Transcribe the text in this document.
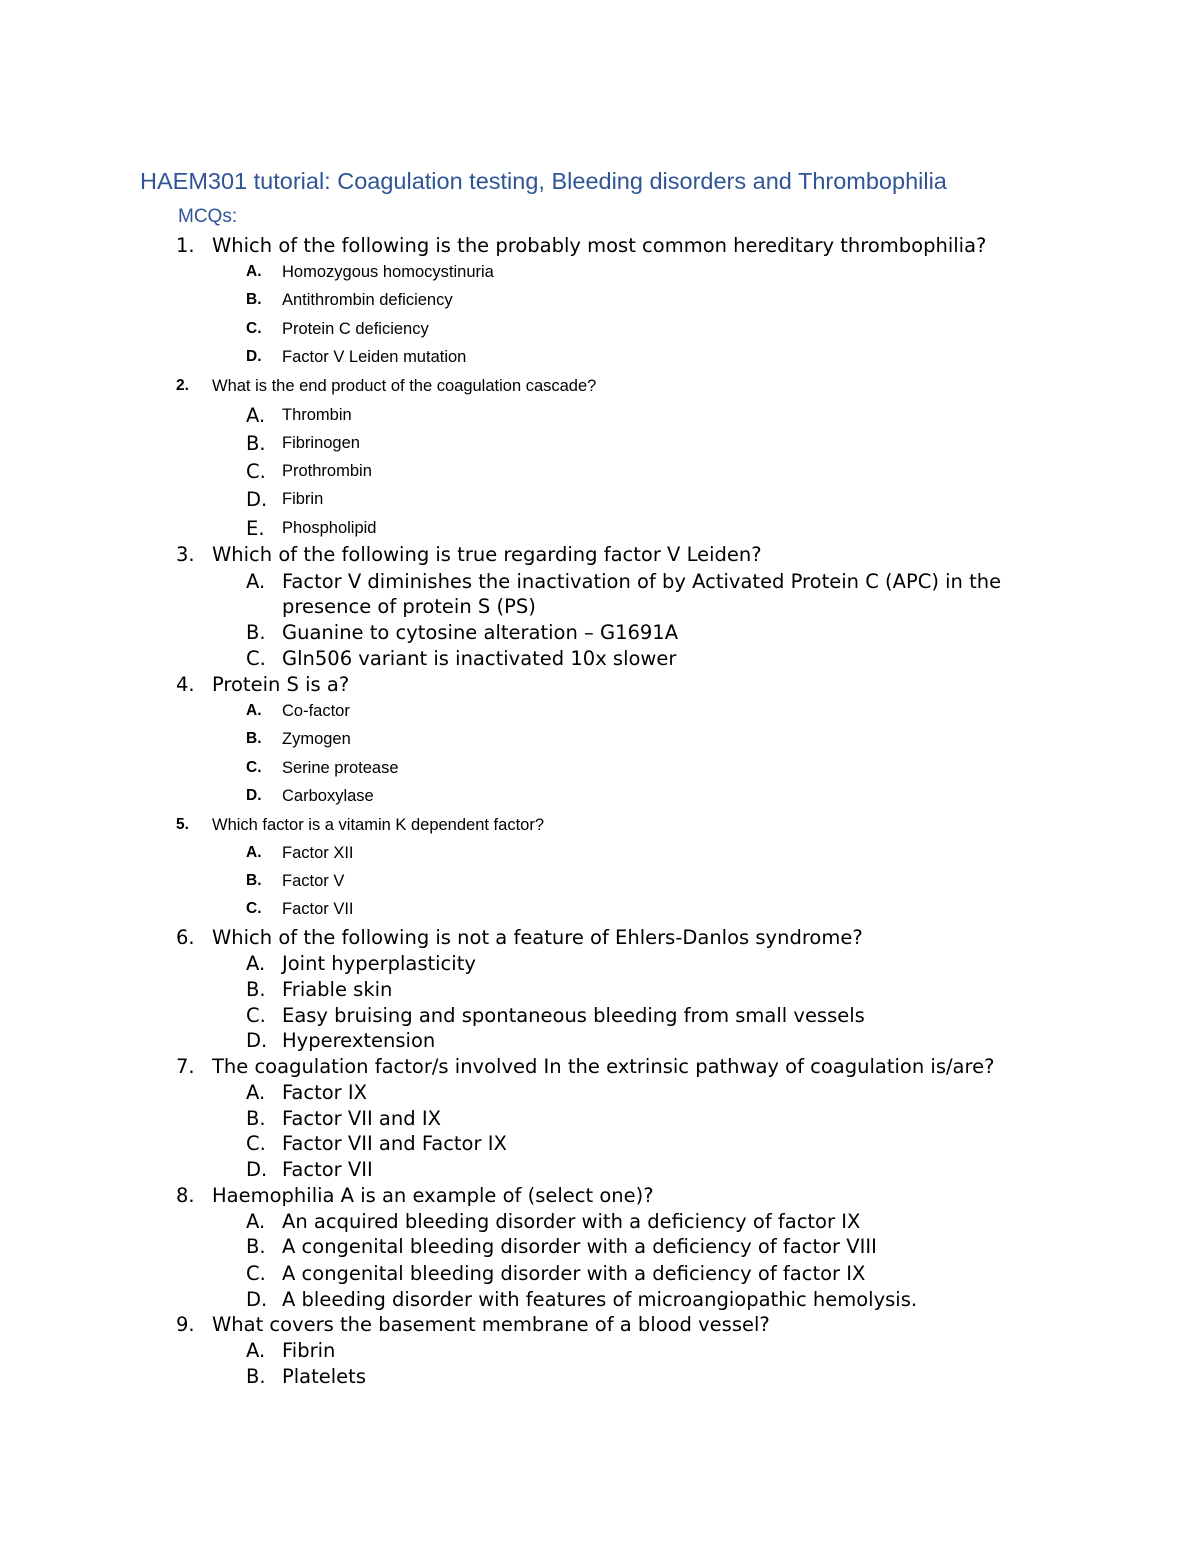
HAEM301 tutorial: Coagulation testing, Bleeding disorders and Thrombophilia
MCQs:
1. Which of the following is the probably most common hereditary thrombophilia?
A. Homozygous homocystinuria
B. Antithrombin deficiency
C. Protein C deficiency
D. Factor V Leiden mutation
2. What is the end product of the coagulation cascade?
A. Thrombin
B. Fibrinogen
C. Prothrombin
D. Fibrin
E. Phospholipid
3. Which of the following is true regarding factor V Leiden?
A. Factor V diminishes the inactivation of by Activated Protein C (APC) in the
presence of protein S (PS)
B. Guanine to cytosine alteration – G1691A
C. Gln506 variant is inactivated 10x slower
4. Protein S is a?
A. Co-factor
B. Zymogen
C. Serine protease
D. Carboxylase
5. Which factor is a vitamin K dependent factor?
A. Factor XII
B. Factor V
C. Factor VII
6. Which of the following is not a feature of Ehlers-Danlos syndrome?
A. Joint hyperplasticity
B. Friable skin
C. Easy bruising and spontaneous bleeding from small vessels
D. Hyperextension
7. The coagulation factor/s involved In the extrinsic pathway of coagulation is/are?
A. Factor IX
B. Factor VII and IX
C. Factor VII and Factor IX
D. Factor VII
8. Haemophilia A is an example of (select one)?
A. An acquired bleeding disorder with a deficiency of factor IX
B. A congenital bleeding disorder with a deficiency of factor VIII
C. A congenital bleeding disorder with a deficiency of factor IX
D. A bleeding disorder with features of microangiopathic hemolysis.
9. What covers the basement membrane of a blood vessel?
A. Fibrin
B. Platelets
